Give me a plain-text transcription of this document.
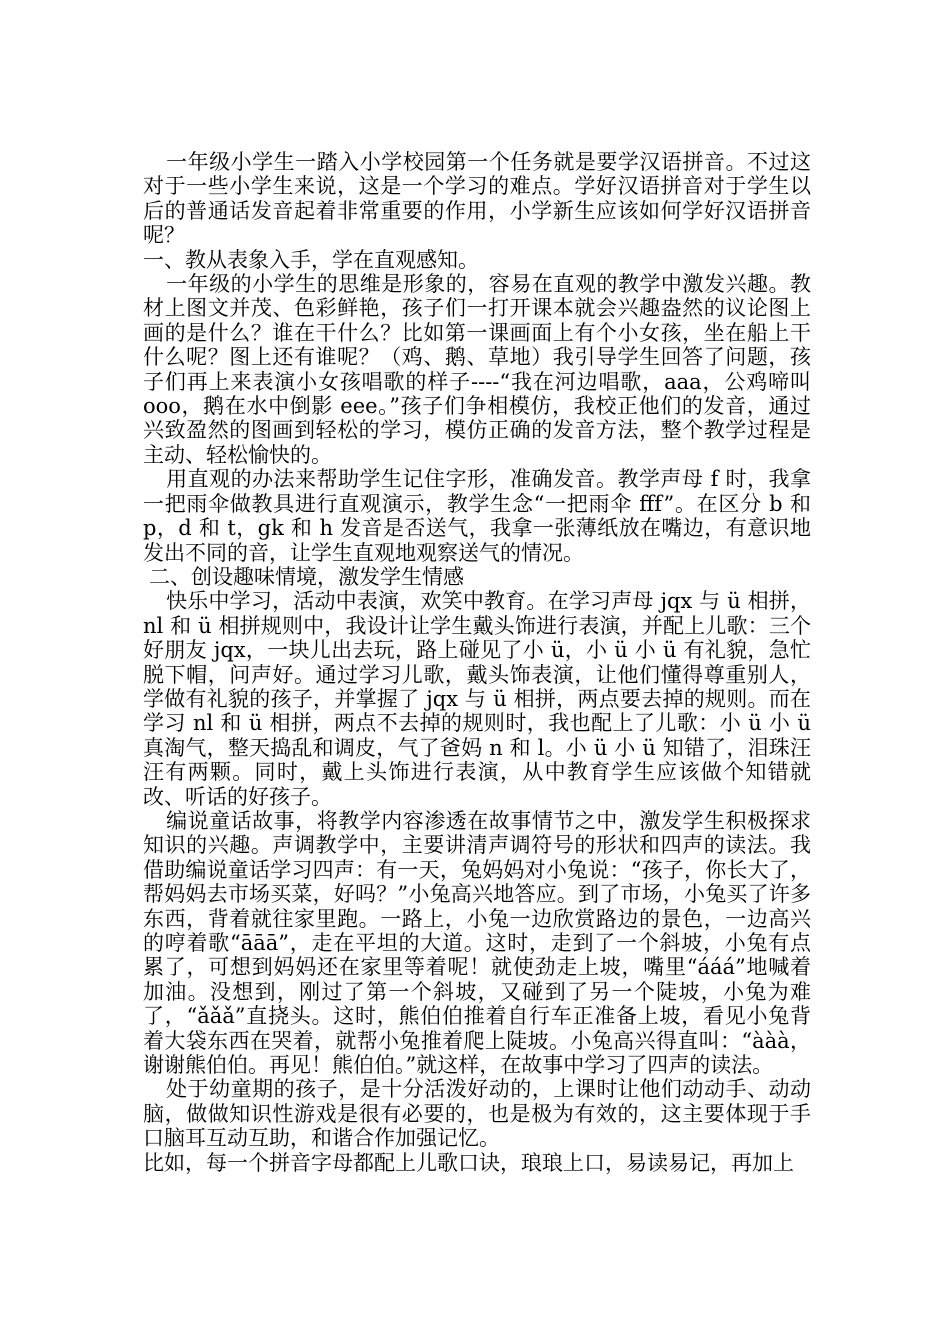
一年级小学生一踏入小学校园第一个任务就是要学汉语拼音。不过这对于一些小学生来说，这是一个学习的难点。学好汉语拼音对于学生以后的普通话发音起着非常重要的作用，小学新生应该如何学好汉语拼音呢？

一、教从表象入手，学在直观感知。

一年级的小学生的思维是形象的，容易在直观的教学中激发兴趣。教材上图文并茂、色彩鲜艳，孩子们一打开课本就会兴趣盎然的议论图上画的是什么？谁在干什么？比如第一课画面上有个小女孩，坐在船上干什么呢？图上还有谁呢？（鸡、鹅、草地）我引导学生回答了问题，孩子们再上来表演小女孩唱歌的样子----“我在河边唱歌，aaa，公鸡啼叫 ooo，鹅在水中倒影 eee。”孩子们争相模仿，我校正他们的发音，通过兴致盈然的图画到轻松的学习，模仿正确的发音方法，整个教学过程是主动、轻松愉快的。

用直观的办法来帮助学生记住字形，准确发音。教学声母 f 时，我拿一把雨伞做教具进行直观演示，教学生念“一把雨伞 fff”。在区分 b 和 p，d 和 t，gk 和 h 发音是否送气，我拿一张薄纸放在嘴边，有意识地发出不同的音，让学生直观地观察送气的情况。

二、创设趣味情境，激发学生情感

快乐中学习，活动中表演，欢笑中教育。在学习声母 jqx 与 ü 相拼，nl 和 ü 相拼规则中，我设计让学生戴头饰进行表演，并配上儿歌：三个好朋友 jqx，一块儿出去玩，路上碰见了小 ü，小 ü 小 ü 有礼貌，急忙脱下帽，问声好。通过学习儿歌，戴头饰表演，让他们懂得尊重别人，学做有礼貌的孩子，并掌握了 jqx 与 ü 相拼，两点要去掉的规则。而在学习 nl 和 ü 相拼，两点不去掉的规则时，我也配上了儿歌：小 ü 小 ü 真淘气，整天捣乱和调皮，气了爸妈 n 和 l。小 ü 小 ü 知错了，泪珠汪汪有两颗。同时，戴上头饰进行表演，从中教育学生应该做个知错就改、听话的好孩子。

编说童话故事，将教学内容渗透在故事情节之中，激发学生积极探求知识的兴趣。声调教学中，主要讲清声调符号的形状和四声的读法。我借助编说童话学习四声：有一天，兔妈妈对小兔说：“孩子，你长大了，帮妈妈去市场买菜，好吗？”小兔高兴地答应。到了市场，小兔买了许多东西，背着就往家里跑。一路上，小兔一边欣赏路边的景色，一边高兴的哼着歌“āāā”，走在平坦的大道。这时，走到了一个斜坡，小兔有点累了，可想到妈妈还在家里等着呢！就使劲走上坡，嘴里“ááá”地喊着加油。没想到，刚过了第一个斜坡，又碰到了另一个陡坡，小兔为难了，“ǎǎǎ”直挠头。这时，熊伯伯推着自行车正准备上坡，看见小兔背着大袋东西在哭着，就帮小兔推着爬上陡坡。小兔高兴得直叫：“ààà，谢谢熊伯伯。再见！熊伯伯。”就这样，在故事中学习了四声的读法。

处于幼童期的孩子，是十分活泼好动的，上课时让他们动动手、动动脑，做做知识性游戏是很有必要的，也是极为有效的，这主要体现于手口脑耳互动互助，和谐合作加强记忆。

比如，每一个拼音字母都配上儿歌口诀，琅琅上口，易读易记，再加上
